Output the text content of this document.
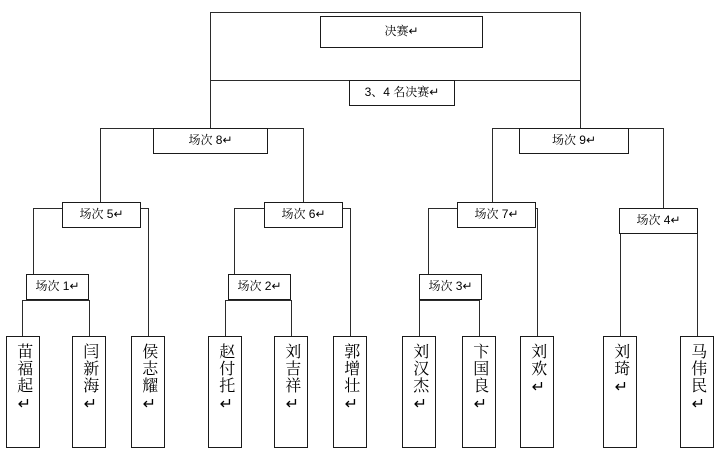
决赛↵
3、4 名决赛↵
场次 8↵	场次 9↵
场次 5↵	场次 6↵	场次 7↵	场次 4↵
场次 1↵	场次 2↵	场次 3↵
苗福起↵	闫新海↵	侯志耀↵	赵付托↵	刘吉祥↵	郭增壮↵	刘汉杰↵	卞国良↵	刘欢↵	刘琦↵	马伟民↵
